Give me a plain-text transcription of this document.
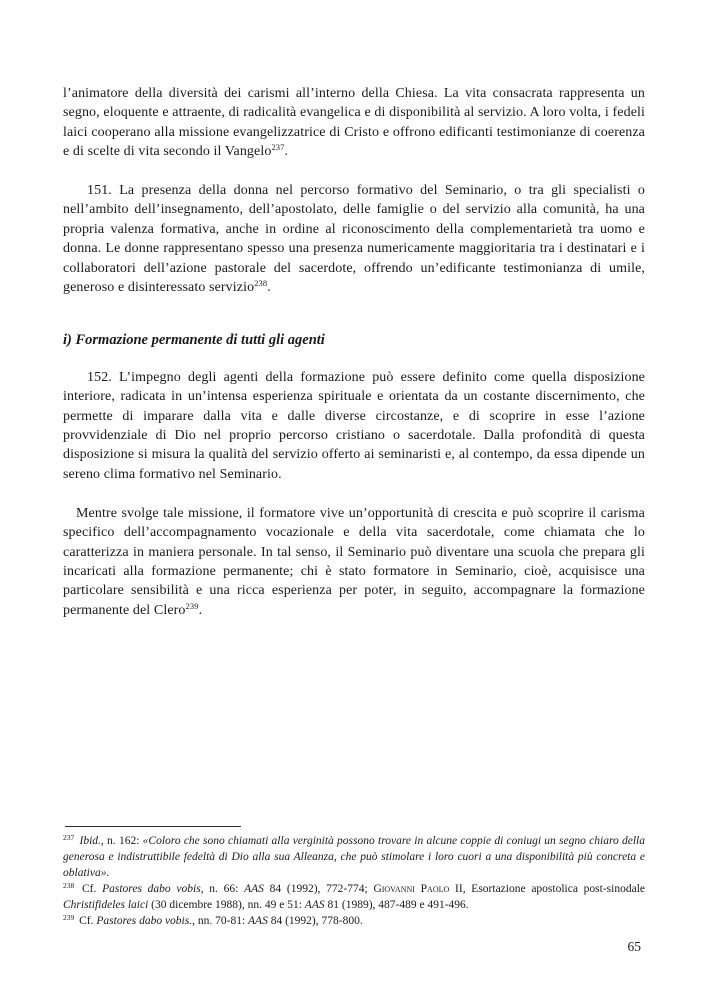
l’animatore della diversità dei carismi all’interno della Chiesa. La vita consacrata rappresenta un segno, eloquente e attraente, di radicalità evangelica e di disponibilità al servizio. A loro volta, i fedeli laici cooperano alla missione evangelizzatrice di Cristo e offrono edificanti testimonianze di coerenza e di scelte di vita secondo il Vangelo$^{237}$.

151. La presenza della donna nel percorso formativo del Seminario, o tra gli specialisti o nell’ambito dell’insegnamento, dell’apostolato, delle famiglie o del servizio alla comunità, ha una propria valenza formativa, anche in ordine al riconoscimento della complementarietà tra uomo e donna. Le donne rappresentano spesso una presenza numericamente maggioritaria tra i destinatari e i collaboratori dell’azione pastorale del sacerdote, offrendo un’edificante testimonianza di umile, generoso e disinteressato servizio$^{238}$.

i) Formazione permanente di tutti gli agenti

152. L’impegno degli agenti della formazione può essere definito come quella disposizione interiore, radicata in un’intensa esperienza spirituale e orientata da un costante discernimento, che permette di imparare dalla vita e dalle diverse circostanze, e di scoprire in esse l’azione provvidenziale di Dio nel proprio percorso cristiano o sacerdotale. Dalla profondità di questa disposizione si misura la qualità del servizio offerto ai seminaristi e, al contempo, da essa dipende un sereno clima formativo nel Seminario.

Mentre svolge tale missione, il formatore vive un’opportunità di crescita e può scoprire il carisma specifico dell’accompagnamento vocazionale e della vita sacerdotale, come chiamata che lo caratterizza in maniera personale. In tal senso, il Seminario può diventare una scuola che prepara gli incaricati alla formazione permanente; chi è stato formatore in Seminario, cioè, acquisisce una particolare sensibilità e una ricca esperienza per poter, in seguito, accompagnare la formazione permanente del Clero$^{239}$.

$^{237}$ Ibid., n. 162: «Coloro che sono chiamati alla verginità possono trovare in alcune coppie di coniugi un segno chiaro della generosa e indistruttibile fedeltà di Dio alla sua Alleanza, che può stimolare i loro cuori a una disponibilità più concreta e oblativa».

$^{238}$ Cf. Pastores dabo vobis, n. 66: AAS 84 (1992), 772-774; Giovanni Paolo II, Esortazione apostolica post-sinodale Christifideles laici (30 dicembre 1988), nn. 49 e 51: AAS 81 (1989), 487-489 e 491-496.

$^{239}$ Cf. Pastores dabo vobis., nn. 70-81: AAS 84 (1992), 778-800.

65
